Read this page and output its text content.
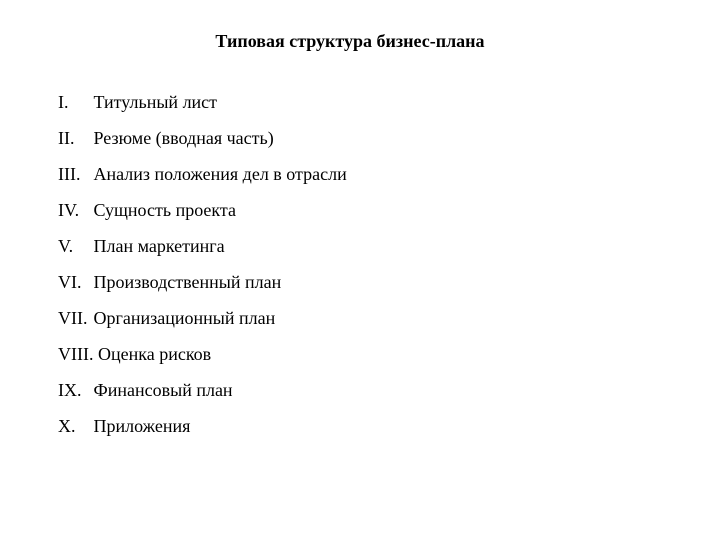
Типовая структура бизнес-плана
I. Титульный лист
II. Резюме (вводная часть)
III. Анализ положения дел в отрасли
IV. Сущность проекта
V. План маркетинга
VI. Производственный план
VII. Организационный план
VIII. Оценка рисков
IX. Финансовый план
X. Приложения
